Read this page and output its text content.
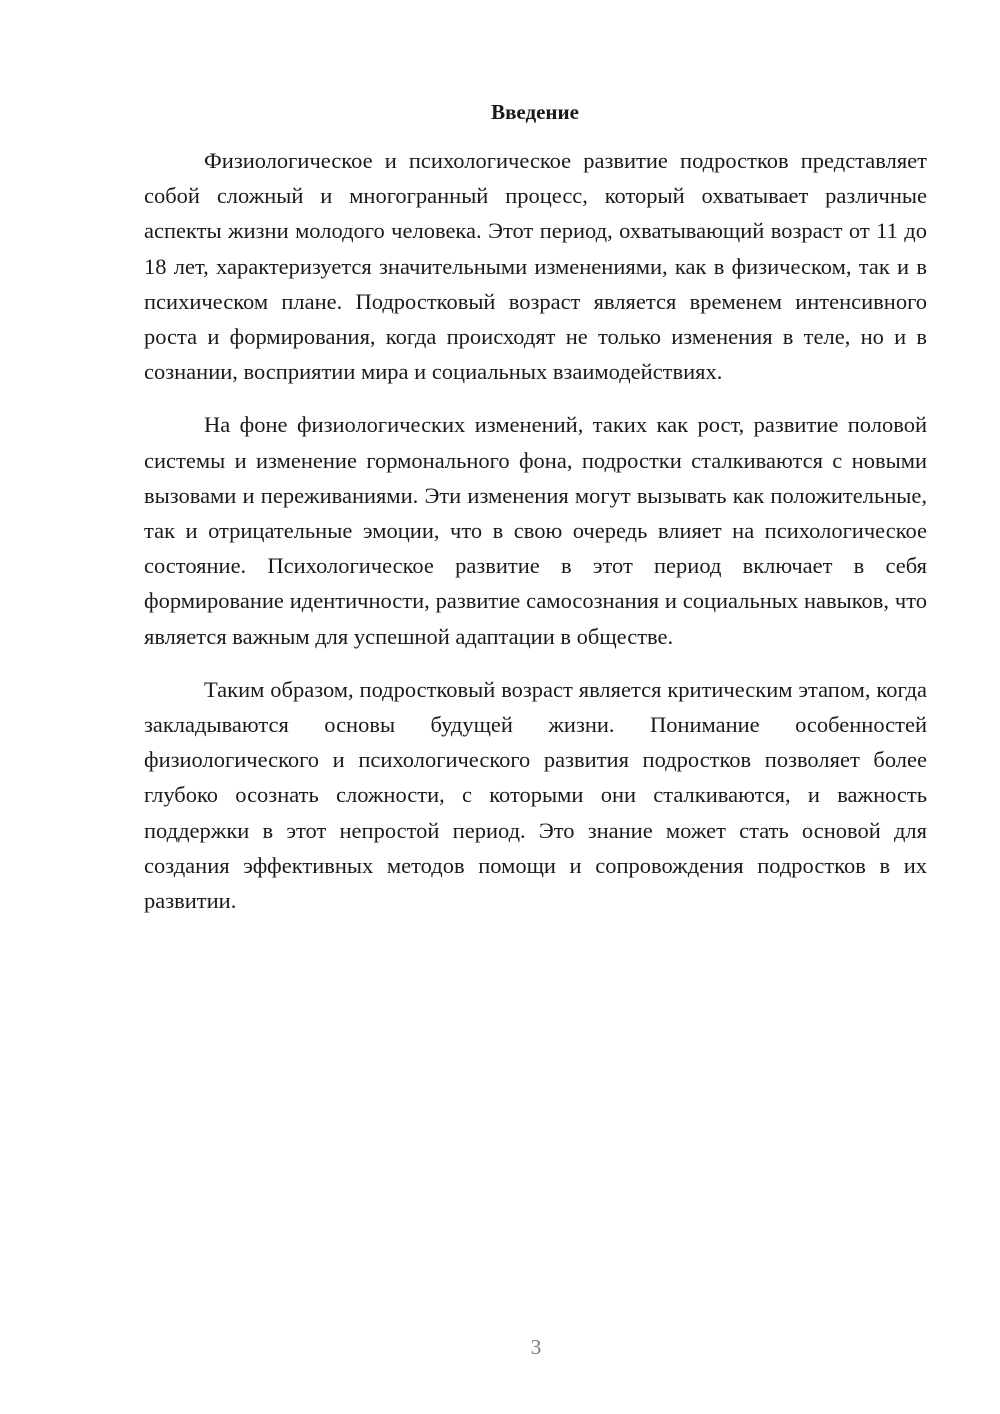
Введение

Физиологическое и психологическое развитие подростков представляет собой сложный и многогранный процесс, который охватывает различные аспекты жизни молодого человека. Этот период, охватывающий возраст от 11 до 18 лет, характеризуется значительными изменениями, как в физическом, так и в психическом плане. Подростковый возраст является временем интенсивного роста и формирования, когда происходят не только изменения в теле, но и в сознании, восприятии мира и социальных взаимодействиях.

На фоне физиологических изменений, таких как рост, развитие половой системы и изменение гормонального фона, подростки сталкиваются с новыми вызовами и переживаниями. Эти изменения могут вызывать как положительные, так и отрицательные эмоции, что в свою очередь влияет на психологическое состояние. Психологическое развитие в этот период включает в себя формирование идентичности, развитие самосознания и социальных навыков, что является важным для успешной адаптации в обществе.

Таким образом, подростковый возраст является критическим этапом, когда закладываются основы будущей жизни. Понимание особенностей физиологического и психологического развития подростков позволяет более глубоко осознать сложности, с которыми они сталкиваются, и важность поддержки в этот непростой период. Это знание может стать основой для создания эффективных методов помощи и сопровождения подростков в их развитии.

3
